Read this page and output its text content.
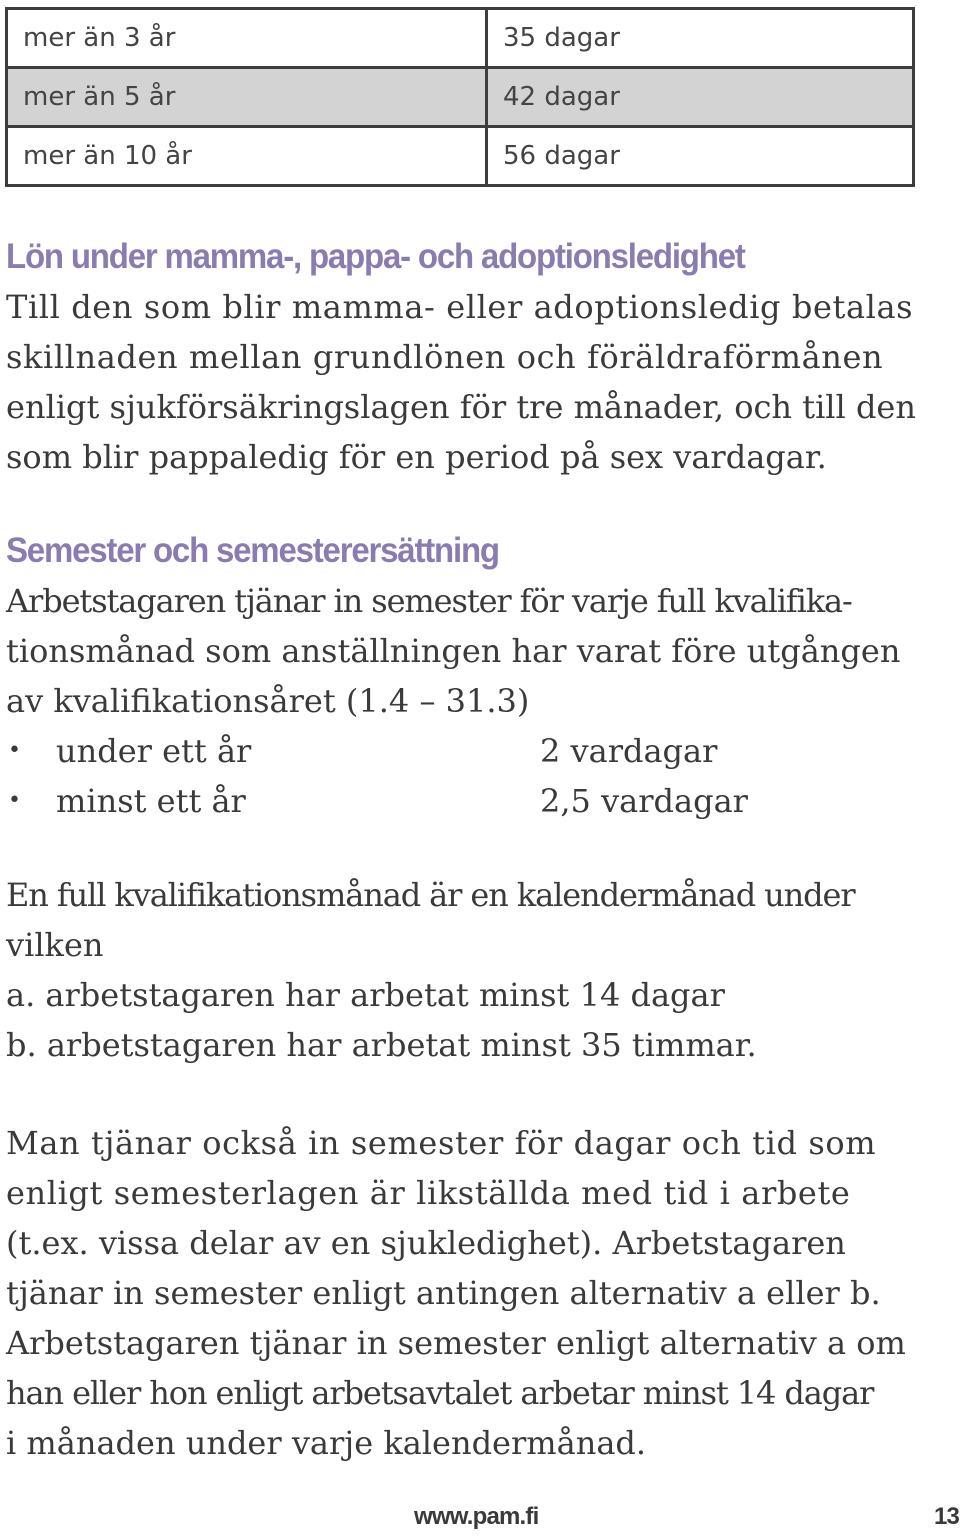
mer än 3 år	35 dagar
mer än 5 år	42 dagar
mer än 10 år	56 dagar
Lön under mamma-, pappa- och adoptionsledighet

Till den som blir mamma- eller adoptionsledig betalas

skillnaden mellan grundlönen och föräldraförmånen

enligt sjukförsäkringslagen för tre månader, och till den

som blir pappaledig för en period på sex vardagar.

Semester och semesterersättning

Arbetstagaren tjänar in semester för varje full kvalifika-

tionsmånad som anställningen har varat före utgången

av kvalifikationsåret (1.4 – 31.3)

•	under ett år	2 vardagar
•	minst ett år	2,5 vardagar

En full kvalifikationsmånad är en kalendermånad under

vilken

a. arbetstagaren har arbetat minst 14 dagar

b. arbetstagaren har arbetat minst 35 timmar.

Man tjänar också in semester för dagar och tid som

enligt semesterlagen är likställda med tid i arbete

(t.ex. vissa delar av en sjukledighet). Arbetstagaren

tjänar in semester enligt antingen alternativ a eller b.

Arbetstagaren tjänar in semester enligt alternativ a om

han eller hon enligt arbetsavtalet arbetar minst 14 dagar

i månaden under varje kalendermånad.

www.pam.fi	13
